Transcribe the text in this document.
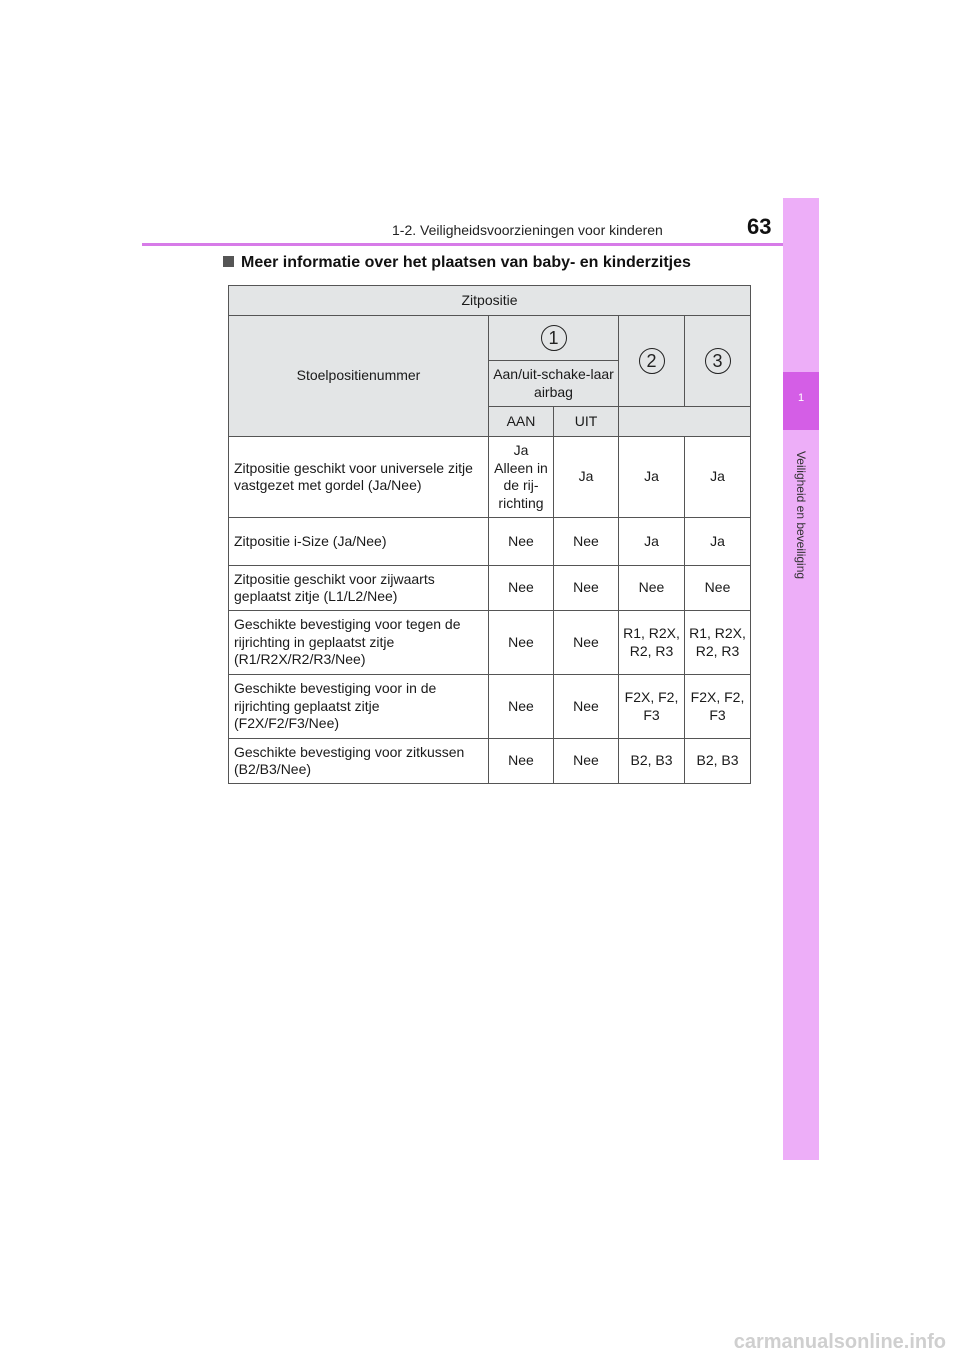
1-2. Veiligheidsvoorzieningen voor kinderen	63
1
Veiligheid en beveiliging
Meer informatie over het plaatsen van baby- en kinderzitjes
Zitpositie				
Stoelpositienummer	1		2	3
	Aan/uit-schake-laar airbag			
	AAN	UIT		
Zitpositie geschikt voor universele zitje vastgezet met gordel (Ja/Nee)	Ja Alleen in de rij-richting	Ja	Ja	Ja
Zitpositie i-Size (Ja/Nee)	Nee	Nee	Ja	Ja
Zitpositie geschikt voor zijwaarts geplaatst zitje (L1/L2/Nee)	Nee	Nee	Nee	Nee
Geschikte bevestiging voor tegen de rijrichting in geplaatst zitje (R1/R2X/R2/R3/Nee)	Nee	Nee	R1, R2X, R2, R3	R1, R2X, R2, R3
Geschikte bevestiging voor in de rijrichting geplaatst zitje (F2X/F2/F3/Nee)	Nee	Nee	F2X, F2, F3	F2X, F2, F3
Geschikte bevestiging voor zitkussen (B2/B3/Nee)	Nee	Nee	B2, B3	B2, B3
carmanualsonline.info
